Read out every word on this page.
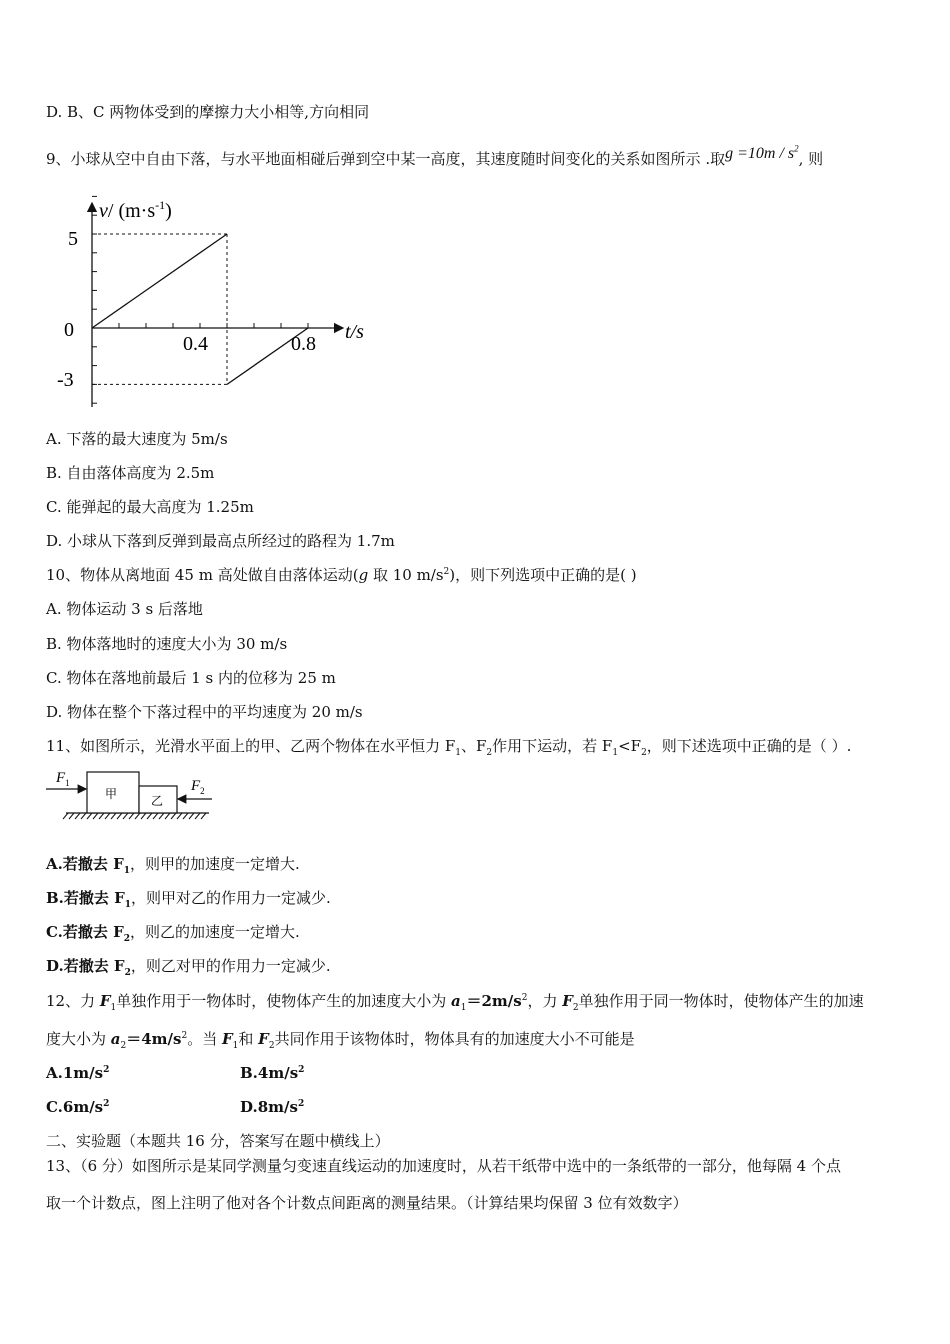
D. B、C 两物体受到的摩擦力大小相等,方向相同
9、小球从空中自由下落，与水平地面相碰后弹到空中某一高度，其速度随时间变化的关系如图所示 .取$g =10m / s^2$, 则
v/ $(m\cdot s^{-1})$
5
0
-3
0.4	0.8
t/s
A. 下落的最大速度为 5m/s
B. 自由落体高度为 2.5m
C. 能弹起的最大高度为 1.25m
D. 小球从下落到反弹到最高点所经过的路程为 1.7m
10、物体从离地面 45 m 高处做自由落体运动(g 取 10 $m/s^2$)，则下列选项中正确的是( )
A. 物体运动 3 s 后落地
B. 物体落地时的速度大小为 30 m/s
C. 物体在落地前最后 1 s 内的位移为 25 m
D. 物体在整个下落过程中的平均速度为 20 m/s
11、如图所示，光滑水平面上的甲、乙两个物体在水平恒力 $F_1$、$F_2$作用下运动，若 $F_1<F_2$，则下述选项中正确的是（ ）.
甲	乙
$F_1$	$F_2$
A.若撤去 $F_1$，则甲的加速度一定增大.
B.若撤去 $F_1$，则甲对乙的作用力一定减少.
C.若撤去 $F_2$，则乙的加速度一定增大.
D.若撤去 $F_2$，则乙对甲的作用力一定减少.
12、力 $F_1$单独作用于一物体时，使物体产生的加速度大小为 $a_1=2m/s^2$，力 $F_2$单独作用于同一物体时，使物体产生的加速
度大小为 $a_2=4m/s^2$。当 $F_1$和 $F_2$共同作用于该物体时，物体具有的加速度大小不可能是
$A.1m/s^2$	$B.4m/s^2$
$C.6m/s^2$	$D.8m/s^2$
二、实验题（本题共 16 分，答案写在题中横线上）
13、（6 分）如图所示是某同学测量匀变速直线运动的加速度时，从若干纸带中选中的一条纸带的一部分，他每隔 4 个点
取一个计数点，图上注明了他对各个计数点间距离的测量结果。（计算结果均保留 3 位有效数字）
